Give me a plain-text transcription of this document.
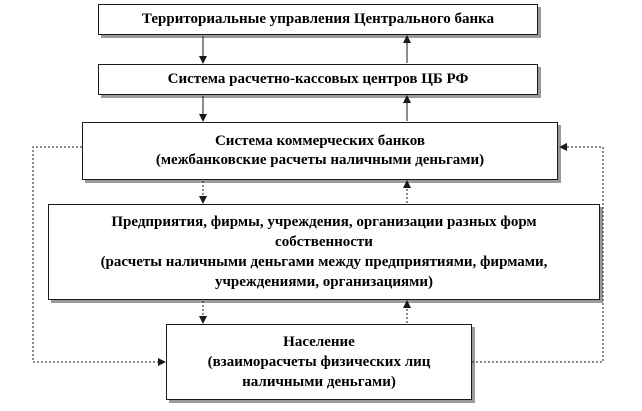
Территориальные управления Центрального банка
Система расчетно-кассовых центров ЦБ РФ
Система коммерческих банков
(межбанковские расчеты наличными деньгами)
Предприятия, фирмы, учреждения, организации разных форм
собственности
(расчеты наличными деньгами между предприятиями, фирмами,
учреждениями, организациями)
Население
(взаиморасчеты физических лиц
наличными деньгами)
